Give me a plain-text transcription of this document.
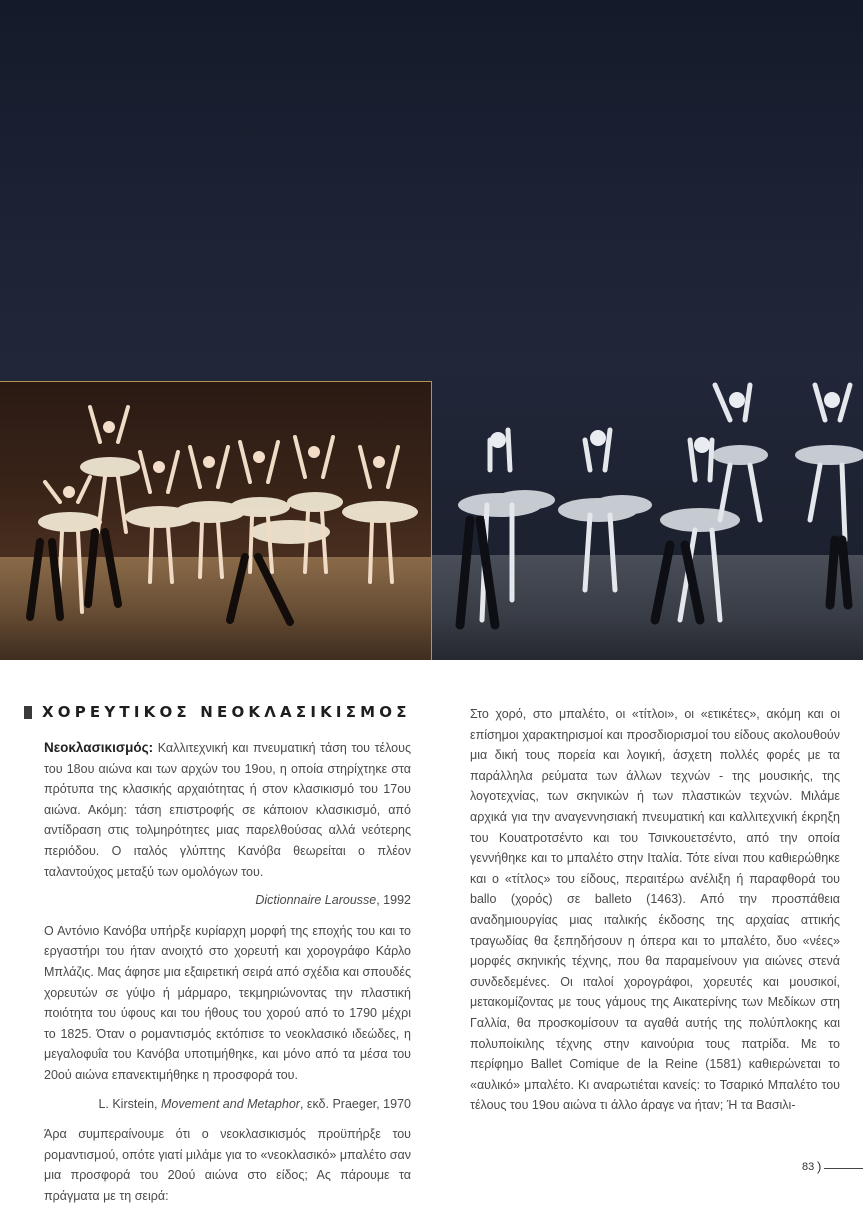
ΧΟΡΕΥΤΙΚΟΣ ΝΕΟΚΛΑΣΙΚΙΣΜΟΣ

Νεοκλασικισμός: Καλλιτεχνική και πνευματική τάση του τέλους του 18ου αιώνα και των αρχών του 19ου, η οποία στηρίχτηκε στα πρότυπα της κλασικής αρχαιότητας ή στον κλασικισμό του 17ου αιώνα. Ακόμη: τάση επιστροφής σε κάποιον κλασικισμό, από αντίδραση στις τολμηρότητες μιας παρελθούσας αλλά νεότερης περιόδου. Ο ιταλός γλύπτης Κανόβα θεωρείται ο πλέον ταλαντούχος μεταξύ των ομολόγων του.

Dictionnaire Larousse, 1992

Ο Αντόνιο Κανόβα υπήρξε κυρίαρχη μορφή της εποχής του και το εργαστήρι του ήταν ανοιχτό στο χορευτή και χορογράφο Κάρλο Μπλάζις. Μας άφησε μια εξαιρετική σειρά από σχέδια και σπουδές χορευτών σε γύψο ή μάρμαρο, τεκμηριώνοντας την πλαστική ποιότητα του ύφους και του ήθους του χορού από το 1790 μέχρι το 1825. Όταν ο ρομαντισμός εκτόπισε το νεοκλασικό ιδεώδες, η μεγαλοφυΐα του Κανόβα υποτιμήθηκε, και μόνο από τα μέσα του 20ού αιώνα επανεκτιμήθηκε η προσφορά του.

L. Kirstein, Movement and Metaphor, εκδ. Praeger, 1970

Άρα συμπεραίνουμε ότι ο νεοκλασικισμός προϋπήρξε του ρομαντισμού, οπότε γιατί μιλάμε για το «νεοκλασικό» μπαλέτο σαν μια προσφορά του 20ού αιώνα στο είδος; Ας πάρουμε τα πράγματα με τη σειρά:

Στο χορό, στο μπαλέτο, οι «τίτλοι», οι «ετικέτες», ακόμη και οι επίσημοι χαρακτηρισμοί και προσδιορισμοί του είδους ακολουθούν μια δική τους πορεία και λογική, άσχετη πολλές φορές με τα παράλληλα ρεύματα των άλλων τεχνών - της μουσικής, της λογοτεχνίας, των σκηνικών ή των πλαστικών τεχνών. Μιλάμε αρχικά για την αναγεννησιακή πνευματική και καλλιτεχνική έκρηξη του Κουατροτσέντο και του Τσινκουετσέντο, από την οποία γεννήθηκε και το μπαλέτο στην Ιταλία. Τότε είναι που καθιερώθηκε και ο «τίτλος» του είδους, περαιτέρω ανέλιξη ή παραφθορά του ballo (χορός) σε balleto (1463). Από την προσπάθεια αναδημιουργίας μιας ιταλικής έκδοσης της αρχαίας αττικής τραγωδίας θα ξεπηδήσουν η όπερα και το μπαλέτο, δυο «νέες» μορφές σκηνικής τέχνης, που θα παραμείνουν για αιώνες στενά συνδεδεμένες. Οι ιταλοί χορογράφοι, χορευτές και μουσικοί, μετακομίζοντας με τους γάμους της Αικατερίνης των Μεδίκων στη Γαλλία, θα προσκομίσουν τα αγαθά αυτής της πολύπλοκης και πολυποίκιλης τέχνης στην καινούρια τους πατρίδα. Με το περίφημο Ballet Comique de la Reine (1581) καθιερώνεται το «αυλικό» μπαλέτο. Κι αναρωτιέται κανείς: το Τσαρικό Μπαλέτο του τέλους του 19ου αιώνα τι άλλο άραγε να ήταν; Ή τα Βασιλι-

83 )
